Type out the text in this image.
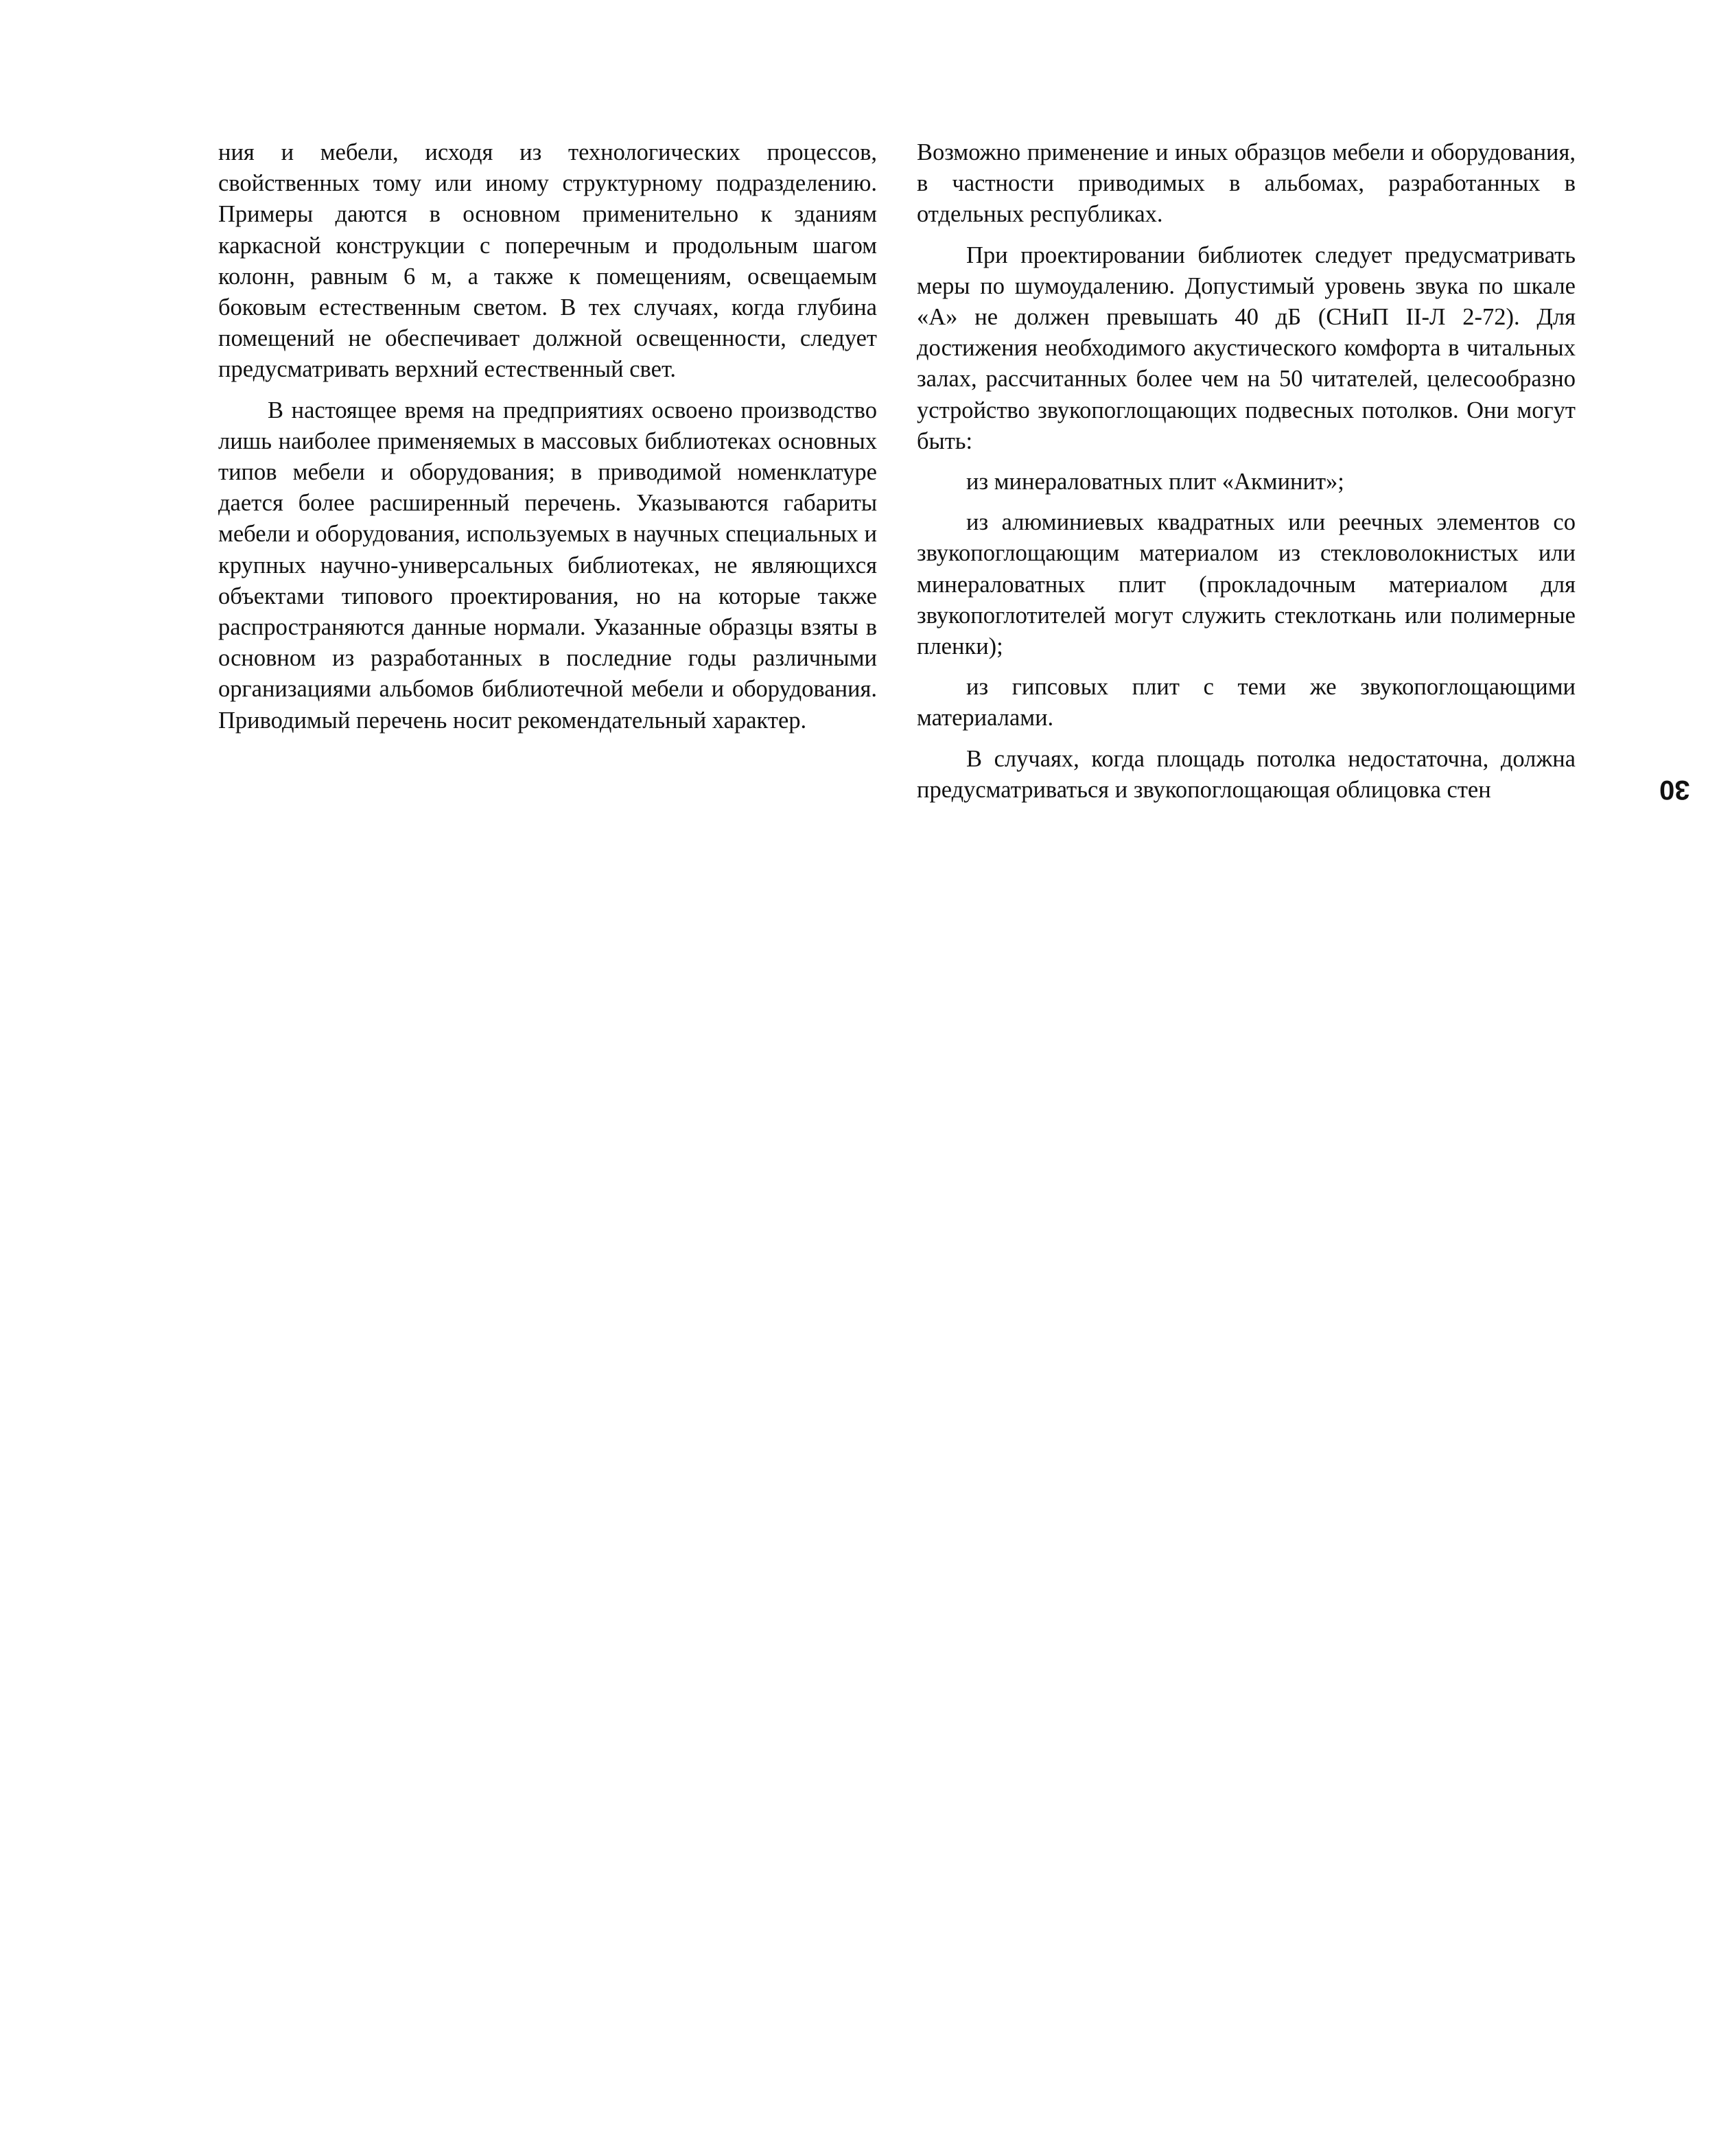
ния и мебели, исходя из технологических процессов, свойственных тому или иному структурному подразделению. Примеры даются в основном применительно к зданиям каркасной конструкции с поперечным и продольным шагом колонн, равным 6 м, а также к помещениям, освещаемым боковым естественным светом. В тех случаях, когда глубина помещений не обеспечивает должной освещенности, следует предусматривать верхний естественный свет.

В настоящее время на предприятиях освоено производство лишь наиболее применяемых в массовых библиотеках основных типов мебели и оборудования; в приводимой номенклатуре дается более расширенный перечень. Указываются габариты мебели и оборудования, используемых в научных специальных и крупных научно-универсальных библиотеках, не являющихся объектами типового проектирования, но на которые также распространяются данные нормали. Указанные образцы взяты в основном из разработанных в последние годы различными организациями альбомов библиотечной мебели и оборудования. Приводимый перечень носит рекомендательный характер.

Возможно применение и иных образцов мебели и оборудования, в частности приводимых в альбомах, разработанных в отдельных республиках.

При проектировании библиотек следует предусматривать меры по шумоудалению. Допустимый уровень звука по шкале «А» не должен превышать 40 дБ (СНиП II-Л 2-72). Для достижения необходимого акустического комфорта в читальных залах, рассчитанных более чем на 50 читателей, целесообразно устройство звукопоглощающих подвесных потолков. Они могут быть:

из минераловатных плит «Акминит»;

из алюминиевых квадратных или реечных элементов со звукопоглощающим материалом из стекловолокнистых или минераловатных плит (прокладочным материалом для звукопоглотителей могут служить стеклоткань или полимерные пленки);

из гипсовых плит с теми же звукопоглощающими материалами.

В случаях, когда площадь потолка недостаточна, должна предусматриваться и звукопоглощающая облицовка стен	30
